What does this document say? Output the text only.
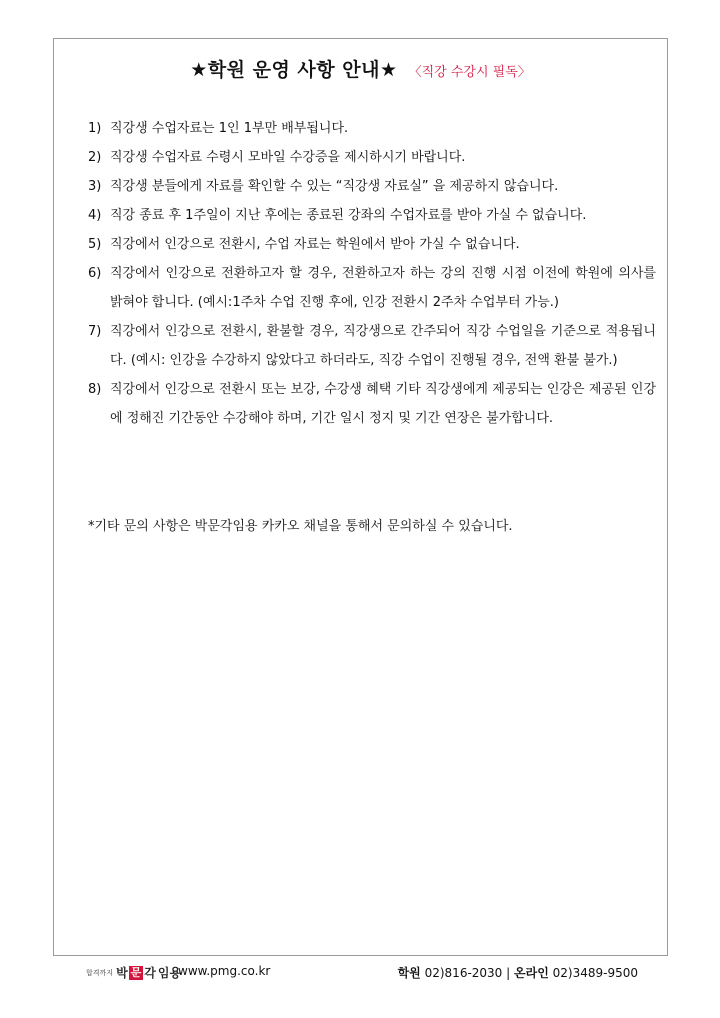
★학원 운영 사항 안내★ 〈직강 수강시 필독〉
1) 직강생 수업자료는 1인 1부만 배부됩니다.
2) 직강생 수업자료 수령시 모바일 수강증을 제시하시기 바랍니다.
3) 직강생 분들에게 자료를 확인할 수 있는 “직강생 자료실” 을 제공하지 않습니다.
4) 직강 종료 후 1주일이 지난 후에는 종료된 강좌의 수업자료를 받아 가실 수 없습니다.
5) 직강에서 인강으로 전환시, 수업 자료는 학원에서 받아 가실 수 없습니다.
6) 직강에서 인강으로 전환하고자 할 경우, 전환하고자 하는 강의 진행 시점 이전에 학원에 의사를 밝혀야 합니다. (예시:1주차 수업 진행 후에, 인강 전환시 2주차 수업부터 가능.)
7) 직강에서 인강으로 전환시, 환불할 경우, 직강생으로 간주되어 직강 수업일을 기준으로 적용됩니다. (예시: 인강을 수강하지 않았다고 하더라도, 직강 수업이 진행될 경우, 전액 환불 불가.)
8) 직강에서 인강으로 전환시 또는 보강, 수강생 혜택 기타 직강생에게 제공되는 인강은 제공된 인강에 정해진 기간동안 수강해야 하며, 기간 일시 정지 및 기간 연장은 불가합니다.
*기타 문의 사항은 박문각임용 카카오 채널을 통해서 문의하실 수 있습니다.
합격까지 박 문 각 임용
www.pmg.co.kr	학원 02)816-2030 | 온라인 02)3489-9500
